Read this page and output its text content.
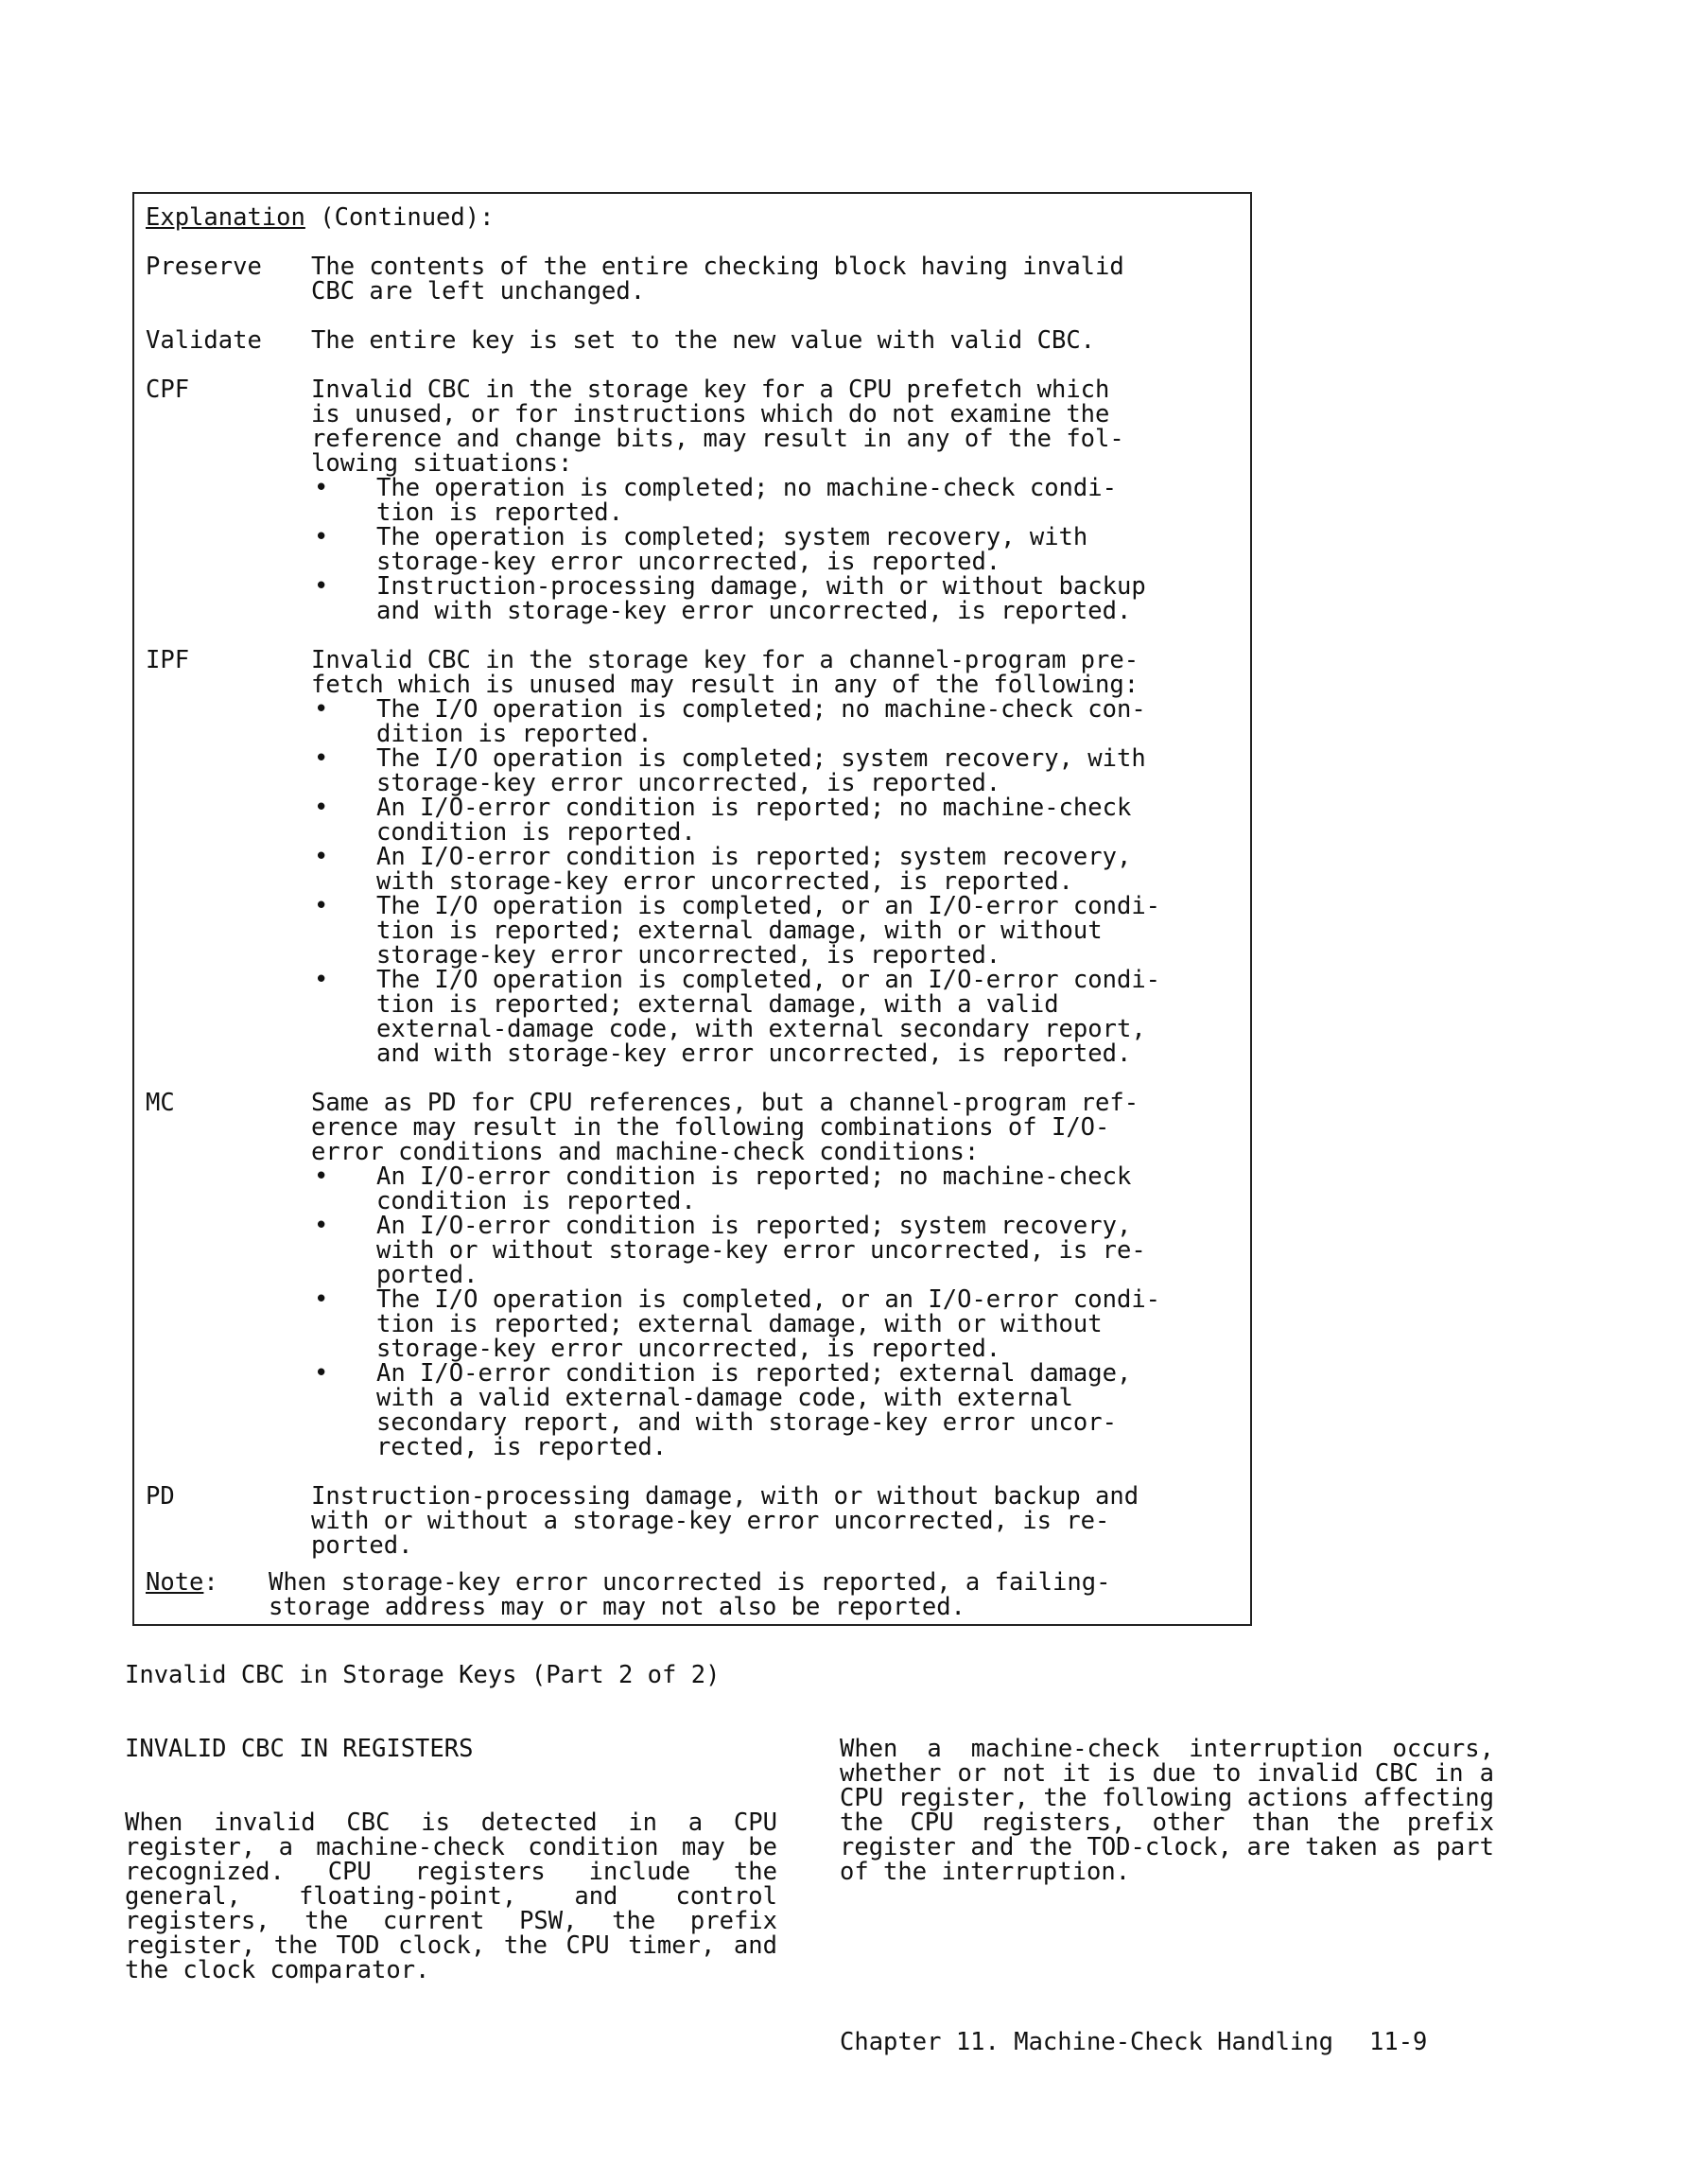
Explanation (Continued):
Preserve The contents of the entire checking block having invalid
CBC are left unchanged.
Validate The entire key is set to the new value with valid CBC.
CPF	Invalid CBC in the storage key for a CPU prefetch which
is unused, or for instructions which do not examine the
reference and change bits, may result in any of the fol-
lowing situations:
• The operation is completed; no machine-check condi-
tion is reported.
• The operation is completed; system recovery, with
storage-key error uncorrected, is reported.
• Instruction-processing damage, with or without backup
and with storage-key error uncorrected, is reported.
IPF	Invalid CBC in the storage key for a channel-program pre-
fetch which is unused may result in any of the following:
• The I/O operation is completed; no machine-check con-
dition is reported.
• The I/O operation is completed; system recovery, with
storage-key error uncorrected, is reported.
• An I/O-error condition is reported; no machine-check
condition is reported.
• An I/O-error condition is reported; system recovery,
with storage-key error uncorrected, is reported.
• The I/O operation is completed, or an I/O-error condi-
tion is reported; external damage, with or without
storage-key error uncorrected, is reported.
• The I/O operation is completed, or an I/O-error condi-
tion is reported; external damage, with a valid
external-damage code, with external secondary report,
and with storage-key error uncorrected, is reported.
MC	Same as PD for CPU references, but a channel-program ref-
erence may result in the following combinations of I/O-
error conditions and machine-check conditions:
• An I/O-error condition is reported; no machine-check
condition is reported.
• An I/O-error condition is reported; system recovery,
with or without storage-key error uncorrected, is re-
ported.
• The I/O operation is completed, or an I/O-error condi-
tion is reported; external damage, with or without
storage-key error uncorrected, is reported.
• An I/O-error condition is reported; external damage,
with a valid external-damage code, with external
secondary report, and with storage-key error uncor-
rected, is reported.
PD	Instruction-processing damage, with or without backup and
with or without a storage-key error uncorrected, is re-
ported.
Note: When storage-key error uncorrected is reported, a failing-
storage address may or may not also be reported.
Invalid CBC in Storage Keys (Part 2 of 2)

INVALID CBC IN REGISTERS

When invalid CBC is detected in a CPU register, a machine-check condition may be recognized. CPU registers include the general, floating-point, and control registers, the current PSW, the prefix register, the TOD clock, the CPU timer, and the clock comparator.

When a machine-check interruption occurs, whether or not it is due to invalid CBC in a CPU register, the following actions affecting the CPU registers, other than the prefix register and the TOD-clock, are taken as part of the interruption.

Chapter 11. Machine-Check Handling 11-9
